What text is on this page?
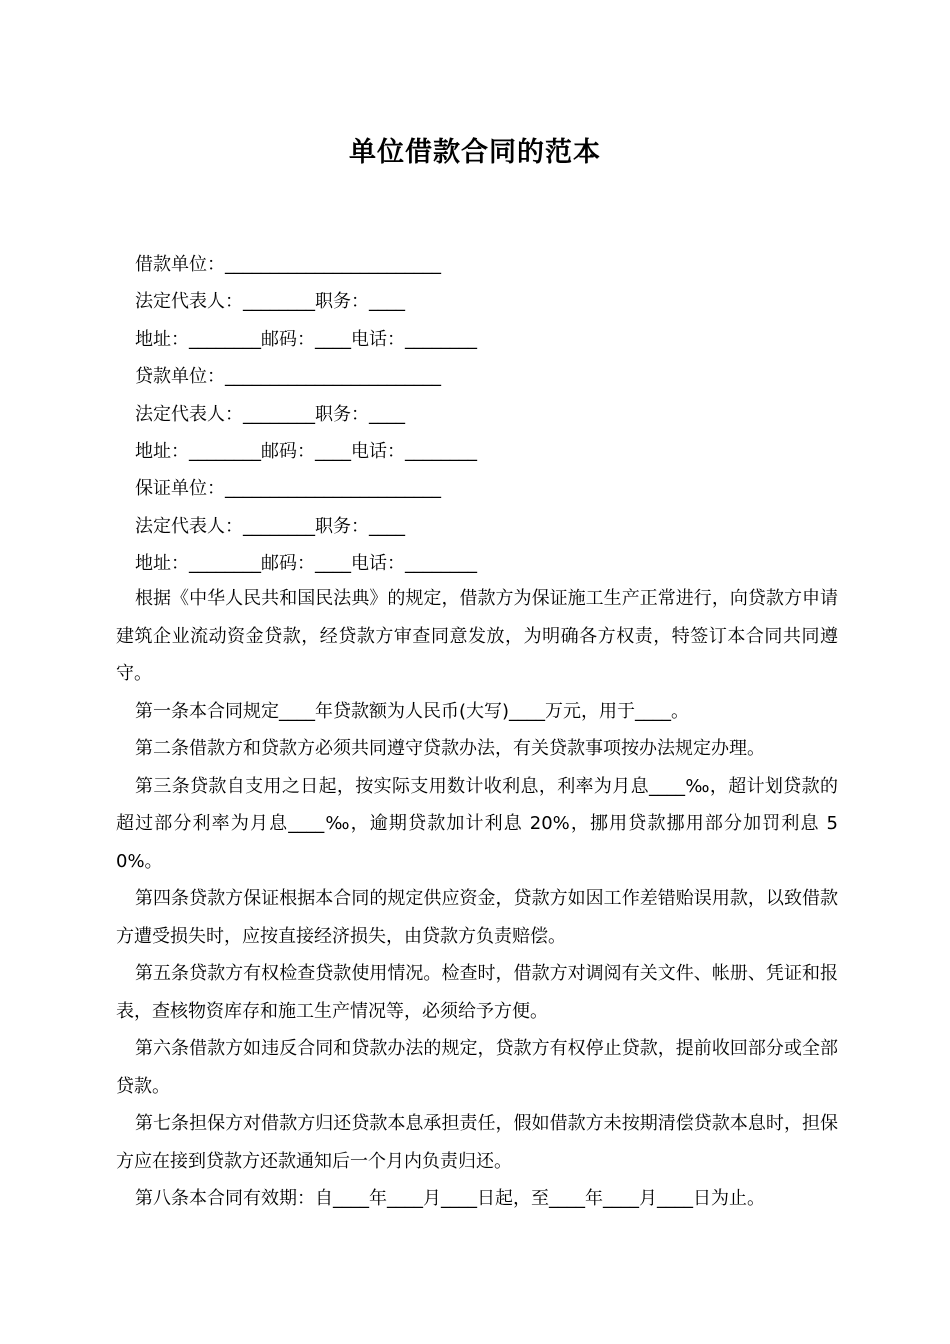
单位借款合同的范本
借款单位：________________________
法定代表人：________职务：____
地址：________邮码：____电话：________
贷款单位：________________________
法定代表人：________职务：____
地址：________邮码：____电话：________
保证单位：________________________
法定代表人：________职务：____
地址：________邮码：____电话：________

根据《中华人民共和国民法典》的规定，借款方为保证施工生产正常进行，向贷款方申请建筑企业流动资金贷款，经贷款方审查同意发放，为明确各方权责，特签订本合同共同遵守。

第一条本合同规定____年贷款额为人民币(大写)____万元，用于____。

第二条借款方和贷款方必须共同遵守贷款办法，有关贷款事项按办法规定办理。

第三条贷款自支用之日起，按实际支用数计收利息，利率为月息____‰，超计划贷款的超过部分利率为月息____‰，逾期贷款加计利息 20%，挪用贷款挪用部分加罚利息 50%。

第四条贷款方保证根据本合同的规定供应资金，贷款方如因工作差错贻误用款，以致借款方遭受损失时，应按直接经济损失，由贷款方负责赔偿。

第五条贷款方有权检查贷款使用情况。检查时，借款方对调阅有关文件、帐册、凭证和报表，查核物资库存和施工生产情况等，必须给予方便。

第六条借款方如违反合同和贷款办法的规定，贷款方有权停止贷款，提前收回部分或全部贷款。

第七条担保方对借款方归还贷款本息承担责任，假如借款方未按期清偿贷款本息时，担保方应在接到贷款方还款通知后一个月内负责归还。

第八条本合同有效期：自____年____月____日起，至____年____月____日为止。
